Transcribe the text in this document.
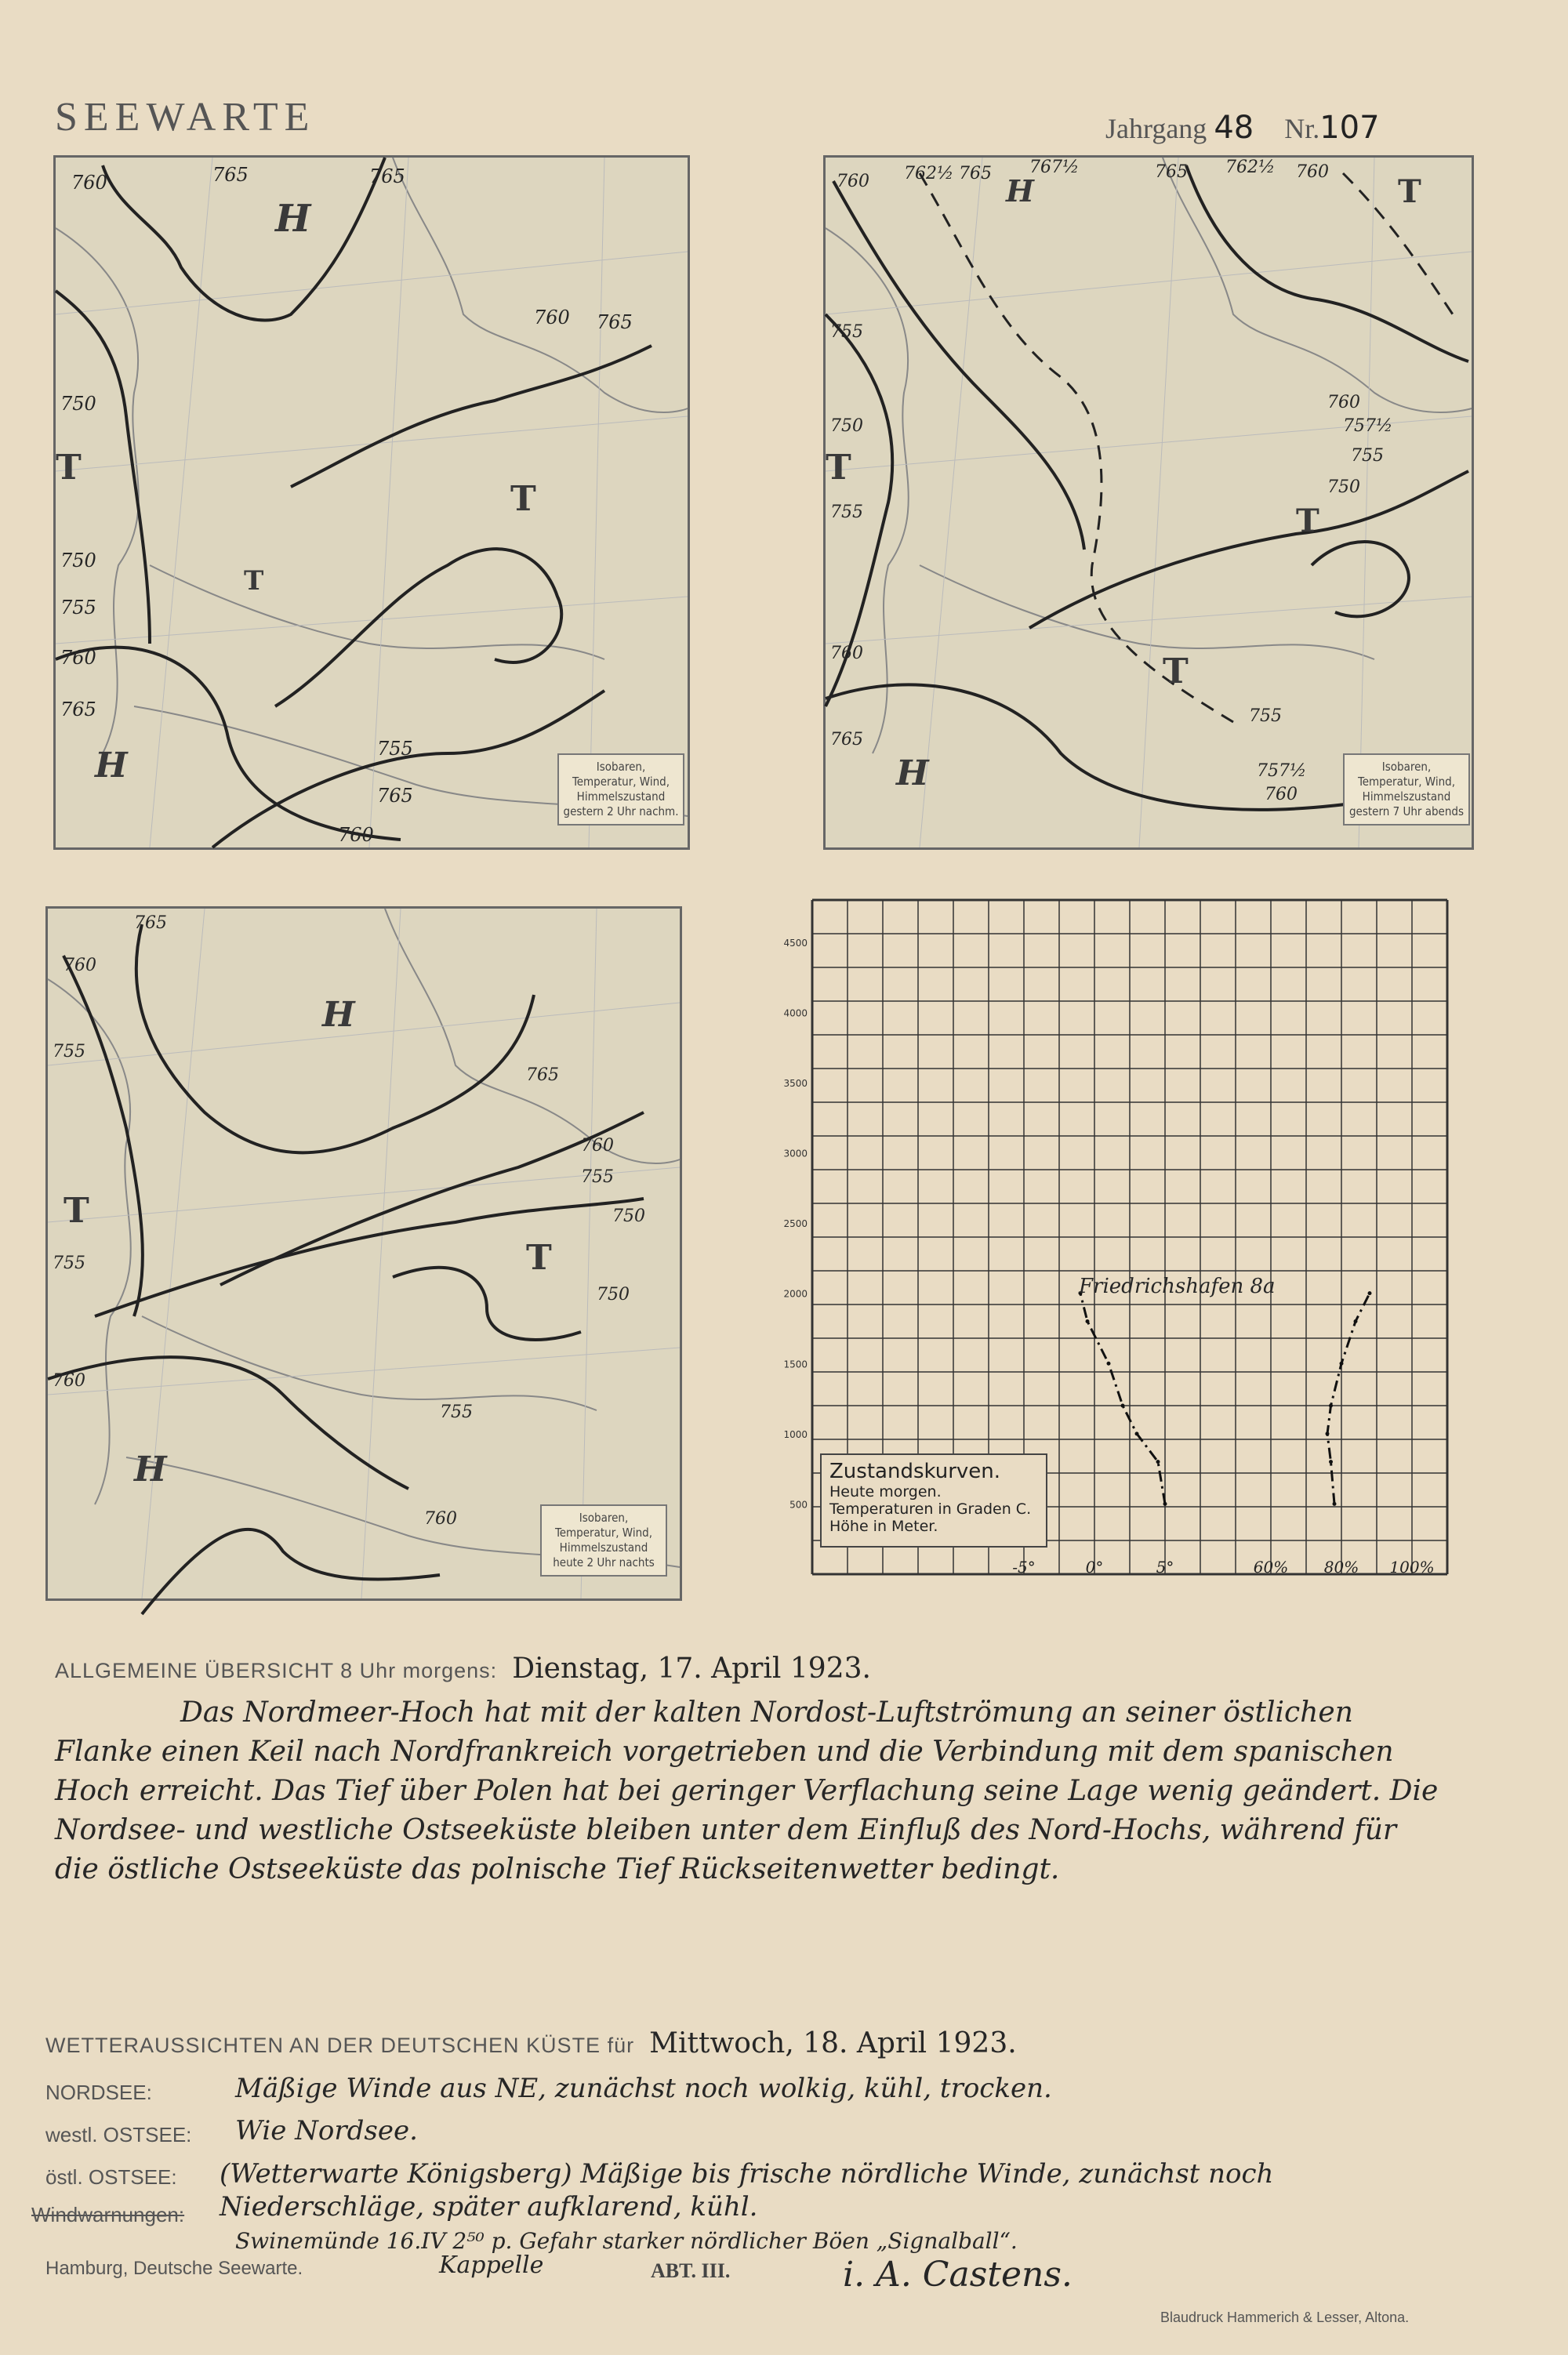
SEEWARTE	Jahrgang 48 Nr.107
760	765	765
760 765
755
750
750
755
760
765
765
760
H
T
T
T
H	Isobaren,
Temperatur, Wind,
Himmelszustand
gestern 2 Uhr nachm.
760 762½ 765 767½	765 762½ 760
760
757½
755
750
755
750
755
760
765
755
757½
760
H	T
T
T
T
H	Isobaren,
Temperatur, Wind,
Himmelszustand
gestern 7 Uhr abends
765
760
755
765
760
755
750
750
755
760
755
760
H
T
T
H
Isobaren,
Temperatur, Wind,
Himmelszustand
heute 2 Uhr nachts
500
1000
1500
2000
2500
3000
3500
4000
4500
-5°	0°	5°	60% 80% 100%
Friedrichshafen 8a
Zustandskurven.
Heute morgen.
Temperaturen in Graden C.
Höhe in Meter.
ALLGEMEINE ÜBERSICHT 8 Uhr morgens: Dienstag, 17. April 1923.
Das Nordmeer-Hoch hat mit der kalten Nordost-Luftströmung an seiner östlichen Flanke einen Keil nach Nordfrankreich vorgetrieben und die Verbindung mit dem spanischen Hoch erreicht. Das Tief über Polen hat bei geringer Verflachung seine Lage wenig geändert. Die Nordsee- und westliche Ostseeküste bleiben unter dem Einfluß des Nord-Hochs, während für die östliche Ostseeküste das polnische Tief Rückseitenwetter bedingt.
WETTERAUSSICHTEN AN DER DEUTSCHEN KÜSTE für Mittwoch, 18. April 1923.
NORDSEE:	Mäßige Winde aus NE, zunächst noch wolkig, kühl, trocken.
westl. OSTSEE: Wie Nordsee.
östl. OSTSEE: (Wetterwarte Königsberg) Mäßige bis frische nördliche Winde, zunächst noch Niederschläge, später aufklarend, kühl.
Windwarnungen:
Swinemünde 16.IV 2⁵⁰ p. Gefahr starker nördlicher Böen „Signalball“.
Hamburg, Deutsche Seewarte.	Kappelle	ABT. III.	i. A. Castens.
Blaudruck Hammerich & Lesser, Altona.
